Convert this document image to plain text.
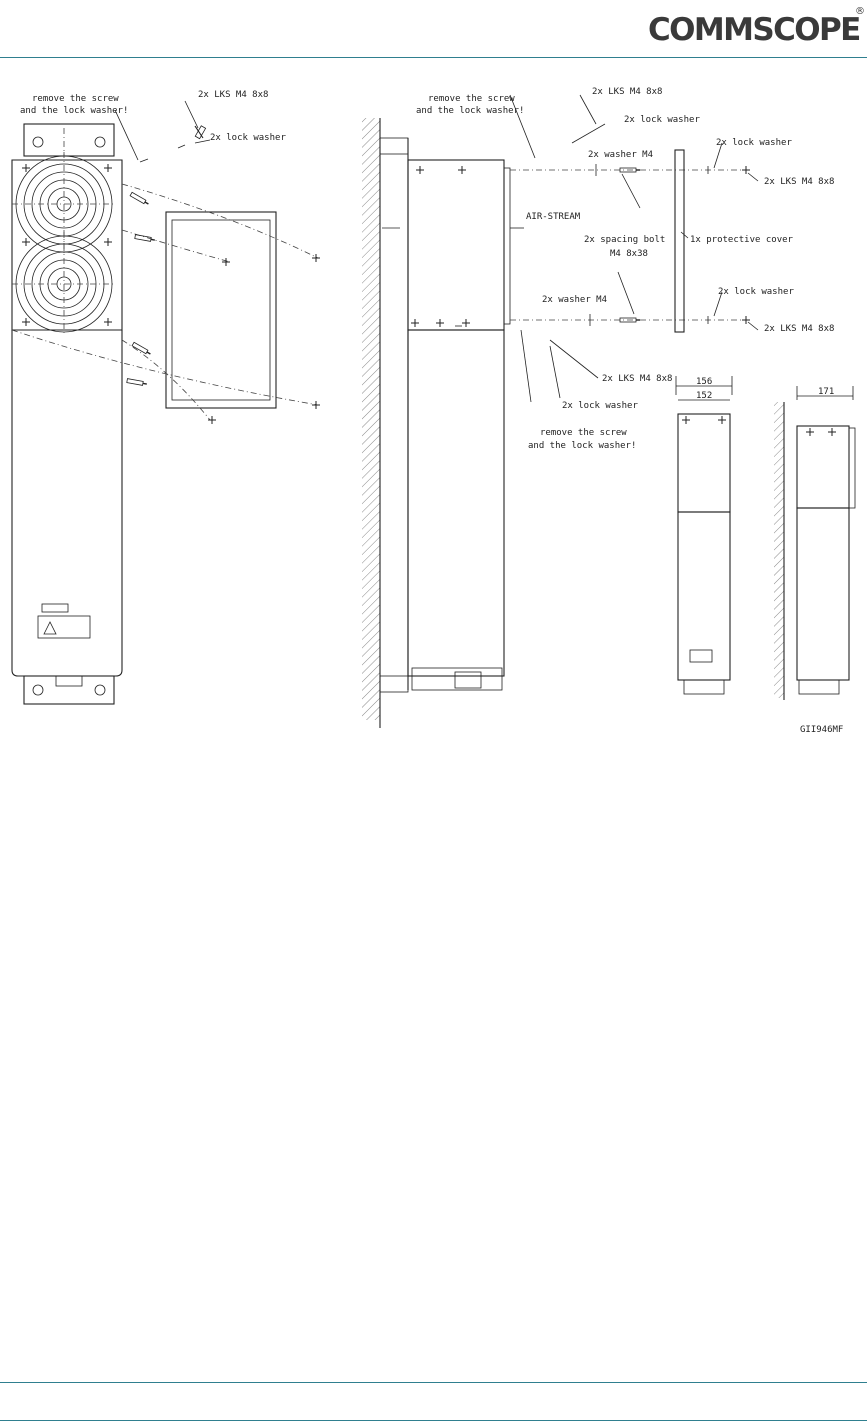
COMMSCOPE
®
remove the screw
and the lock washer!
2x LKS M4 8x8
2x lock washer
remove the screw
and the lock washer!
2x LKS M4 8x8
2x lock washer
2x washer M4
2x lock washer
2x LKS M4 8x8
AIR-STREAM
2x spacing bolt
M4 8x38
1x protective cover
2x washer M4
2x lock washer
2x LKS M4 8x8
2x LKS M4 8x8
2x lock washer
remove the screw
and the lock washer!
156
152	171
GII946MF
